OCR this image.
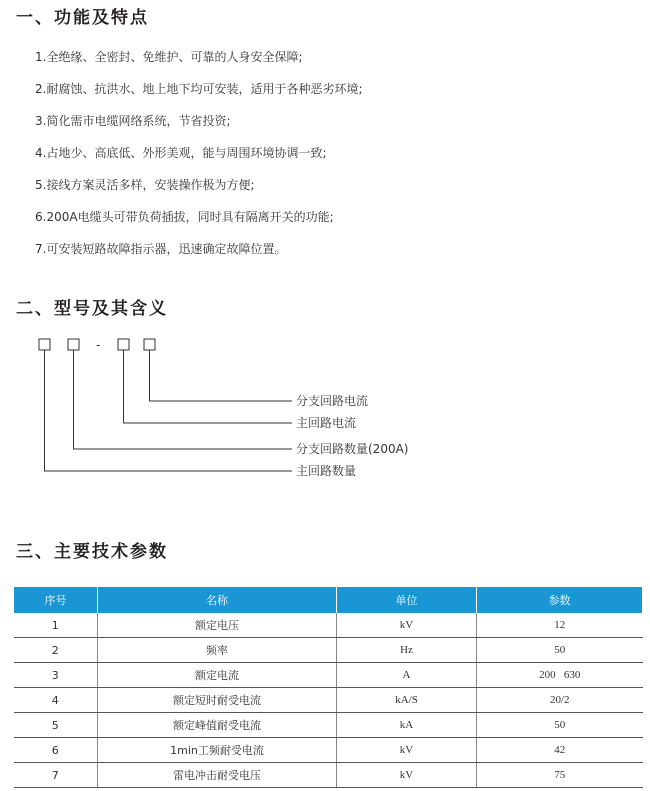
一、功能及特点
1.全绝缘、全密封、免维护、可靠的人身安全保障;
2.耐腐蚀、抗洪水、地上地下均可安装，适用于各种恶劣环境;
3.简化需市电缆网络系统，节省投资;
4.占地少、高底低、外形美观，能与周围环境协调一致;
5.接线方案灵活多样，安装操作极为方便;
6.200A电缆头可带负荷插拔，同时具有隔离开关的功能;
7.可安装短路故障指示器，迅速确定故障位置。
二、型号及其含义
-
分支回路电流
主回路电流
分支回路数量(200A)
主回路数量
三、主要技术参数
序号	名称	单位	参数
1	额定电压	kV	12
2	频率	Hz	50
3	额定电流	A	200   630
4	额定短时耐受电流	kA/S	20/2
5	额定峰值耐受电流	kA	50
6	1min工频耐受电流	kV	42
7	雷电冲击耐受电压	kV	75
